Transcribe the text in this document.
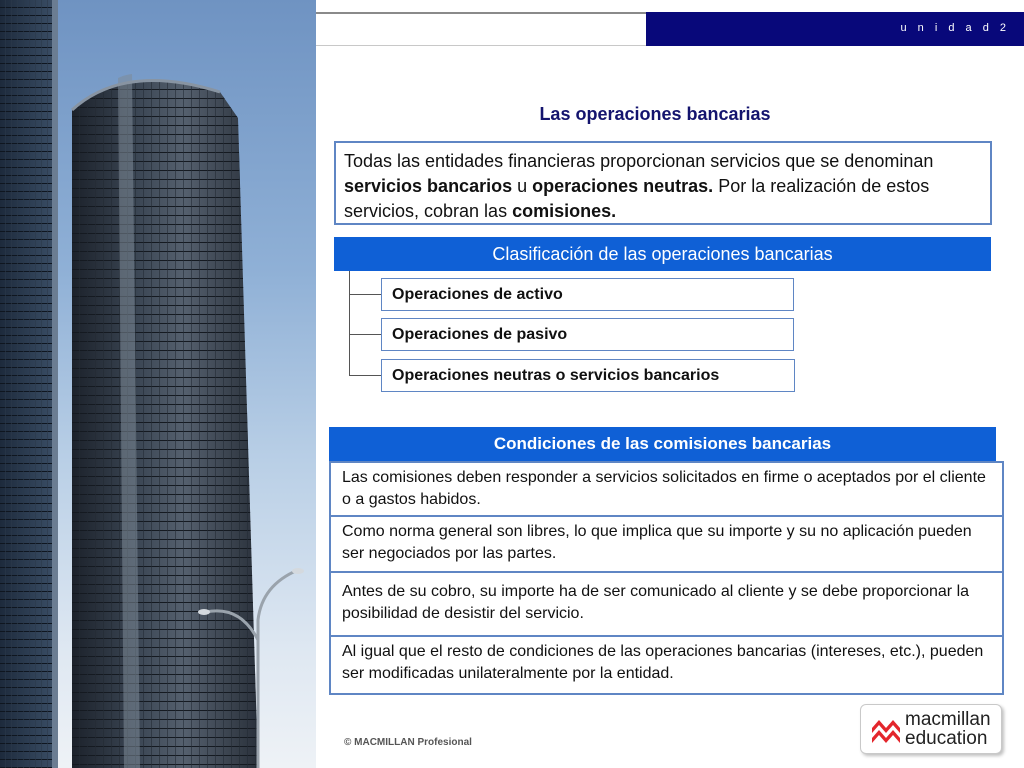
u n i d a d 2
Las operaciones bancarias
Todas las entidades financieras proporcionan servicios que se denominan servicios bancarios u operaciones neutras. Por la realización de estos servicios, cobran las comisiones.
Clasificación de las operaciones bancarias
Operaciones de activo
Operaciones de pasivo
Operaciones neutras o servicios bancarios
Condiciones de las comisiones bancarias
Las comisiones deben responder a servicios solicitados en firme o aceptados por el cliente o a gastos habidos.
Como norma general son libres, lo que implica que su importe y su no aplicación pueden ser negociados por las partes.
Antes de su cobro, su importe ha de ser comunicado al cliente y se debe proporcionar la posibilidad de desistir del servicio.
Al igual que el resto de condiciones de las operaciones bancarias (intereses, etc.), pueden ser modificadas unilateralmente por la entidad.
© MACMILLAN Profesional
macmillan
education
